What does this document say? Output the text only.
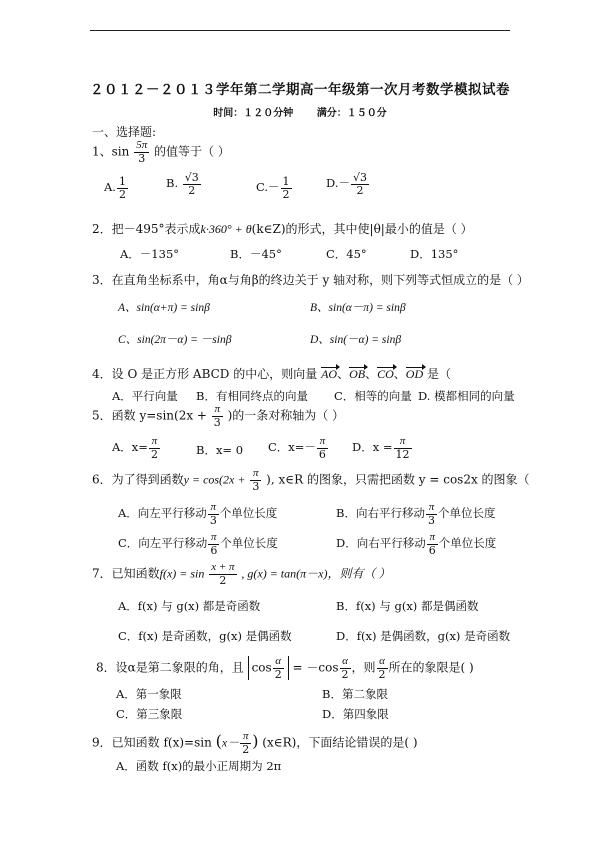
２０１２－２０１３学年第二学期高一年级第一次月考数学模拟试卷
时间：１２０分钟 满分：１５０分
一、选择题:
1、$\sin \frac{5\pi}{3}$ 的值等于（ ）
A. $\frac{1}{2}$	B. $\frac{√3}{2}$	$C.- \frac{1}{2}$	$D.- \frac{√3}{2}$
2．把－495°表示成k·360° + θ(k∈Z)的形式，其中使|θ|最小的值是（ ）
A．－135°	B．－45°	C．45°	D．135°
3．在直角坐标系中，角α与角β的终边关于 y 轴对称，则下列等式恒成立的是（ ）
A、sin(α+π) = sinβ	B、sin(α－π) = sinβ
C、sin(2π－α) = －sinβ	D、sin(－α) = sinβ
4．设 O 是正方形 ABCD 的中心，则向量 AO、OB、CO、OD 是（
A．平行向量 B．有相同终点的向量 C．相等的向量 D. 模都相同的向量
5．函数 $y=\sin(2x + \frac{\pi}{3}$ )的一条对称轴为（ ）
A．$x= \frac{\pi}{2}$	B．x= 0 C．$x=- \frac{\pi}{6}$ D．$x = \frac{\pi}{12}$
6．为了得到函数$y = \cos(2x + \frac{\pi}{3}$ ), x∈R 的图象，只需把函数 y = cos2x 的图象（
A．向左平行移动 $\frac{\pi}{3}$ 个单位长度	B．向右平行移动 $\frac{\pi}{3}$ 个单位长度
C．向左平行移动 $\frac{\pi}{6}$ 个单位长度	D．向右平行移动 $\frac{\pi}{6}$ 个单位长度
7．已知函数$f(x) = \sin \frac{x + \pi}{2}$ , g(x) = tan(π－x)，则有（ ）
A．f(x) 与 g(x) 都是奇函数	B．f(x) 与 g(x) 都是偶函数
C．f(x) 是奇函数，g(x) 是偶函数	D．f(x) 是偶函数，g(x) 是奇函数
8．设α是第二象限的角，且 $\cos \frac{\alpha}{2} = -\cos \frac{\alpha}{2}$ ，则 $\frac{\alpha}{2}$ 所在的象限是( )
A．第一象限	B．第二象限
C．第三象限	D．第四象限
9．已知函数 f(x)=sin ($x- \frac{\pi}{2}$ ) (x∈R)，下面结论错误的是( )
A．函数 f(x)的最小正周期为 2π
